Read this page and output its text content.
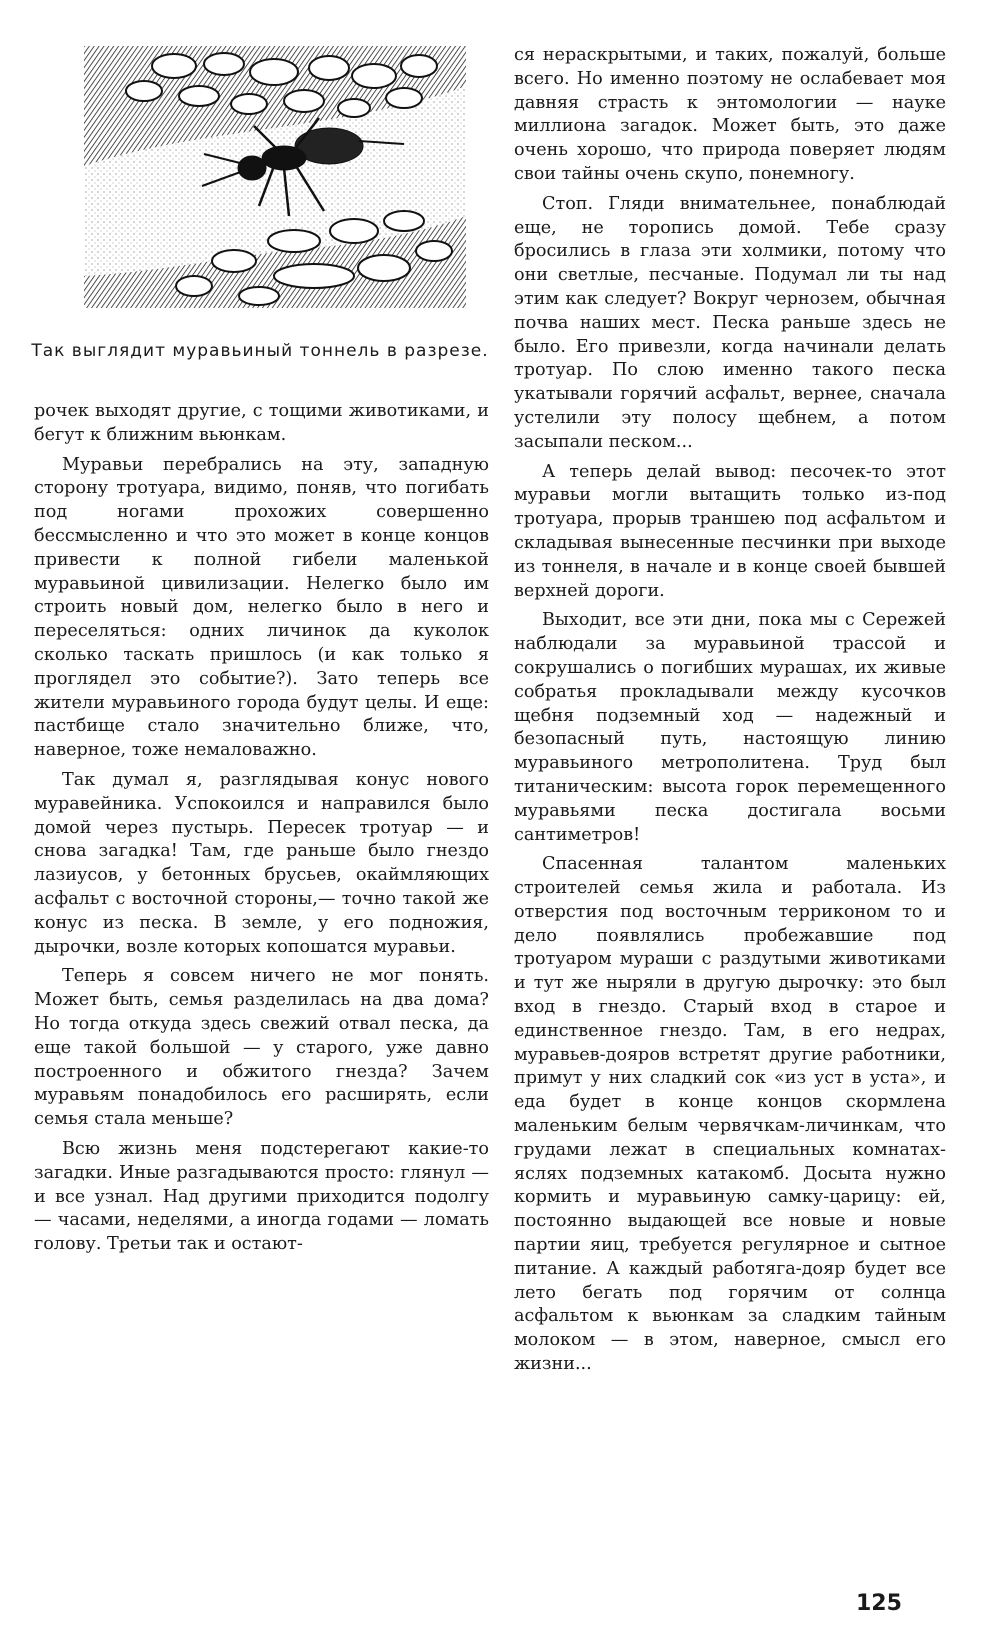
Так выглядит муравьиный тоннель в разрезе.

рочек выходят другие, с тощими животиками, и бегут к ближним вьюнкам.

Муравьи перебрались на эту, западную сторону тротуара, видимо, поняв, что погибать под ногами прохожих совершенно бессмысленно и что это может в конце концов привести к полной гибели маленькой муравьиной цивилизации. Нелегко было им строить новый дом, нелегко было в него и переселяться: одних личинок да куколок сколько таскать пришлось (и как только я проглядел это событие?). Зато теперь все жители муравьиного города будут целы. И еще: пастбище стало значительно ближе, что, наверное, тоже немаловажно.

Так думал я, разглядывая конус нового муравейника. Успокоился и направился было домой через пустырь. Пересек тротуар — и снова загадка! Там, где раньше было гнездо лазиусов, у бетонных брусьев, окаймляющих асфальт с восточной стороны,— точно такой же конус из песка. В земле, у его подножия, дырочки, возле которых копошатся муравьи.

Теперь я совсем ничего не мог понять. Может быть, семья разделилась на два дома? Но тогда откуда здесь свежий отвал песка, да еще такой большой — у старого, уже давно построенного и обжитого гнезда? Зачем муравьям понадобилось его расширять, если семья стала меньше?

Всю жизнь меня подстерегают какие-то загадки. Иные разгадываются просто: глянул — и все узнал. Над другими приходится подолгу — часами, неделями, а иногда годами — ломать голову. Третьи так и остают-

ся нераскрытыми, и таких, пожалуй, больше всего. Но именно поэтому не ослабевает моя давняя страсть к энтомологии — науке миллиона загадок. Может быть, это даже очень хорошо, что природа поверяет людям свои тайны очень скупо, понемногу.

Стоп. Гляди внимательнее, понаблюдай еще, не торопись домой. Тебе сразу бросились в глаза эти холмики, потому что они светлые, песчаные. Подумал ли ты над этим как следует? Вокруг чернозем, обычная почва наших мест. Песка раньше здесь не было. Его привезли, когда начинали делать тротуар. По слою именно такого песка укатывали горячий асфальт, вернее, сначала устелили эту полосу щебнем, а потом засыпали песком...

А теперь делай вывод: песочек-то этот муравьи могли вытащить только из-под тротуара, прорыв траншею под асфальтом и складывая вынесенные песчинки при выходе из тоннеля, в начале и в конце своей бывшей верхней дороги.

Выходит, все эти дни, пока мы с Сережей наблюдали за муравьиной трассой и сокрушались о погибших мурашах, их живые собратья прокладывали между кусочков щебня подземный ход — надежный и безопасный путь, настоящую линию муравьиного метрополитена. Труд был титаническим: высота горок перемещенного муравьями песка достигала восьми сантиметров!

Спасенная талантом маленьких строителей семья жила и работала. Из отверстия под восточным терриконом то и дело появлялись пробежавшие под тротуаром мураши с раздутыми животиками и тут же ныряли в другую дырочку: это был вход в гнездо. Старый вход в старое и единственное гнездо. Там, в его недрах, муравьев-дояров встретят другие работники, примут у них сладкий сок «из уст в уста», и еда будет в конце концов скормлена маленьким белым червячкам-личинкам, что грудами лежат в специальных комнатах-яслях подземных катакомб. Досыта нужно кормить и муравьиную самку-царицу: ей, постоянно выдающей все новые и новые партии яиц, требуется регулярное и сытное питание. А каждый работяга-дояр будет все лето бегать под горячим от солнца асфальтом к вьюнкам за сладким тайным молоком — в этом, наверное, смысл его жизни...

125
